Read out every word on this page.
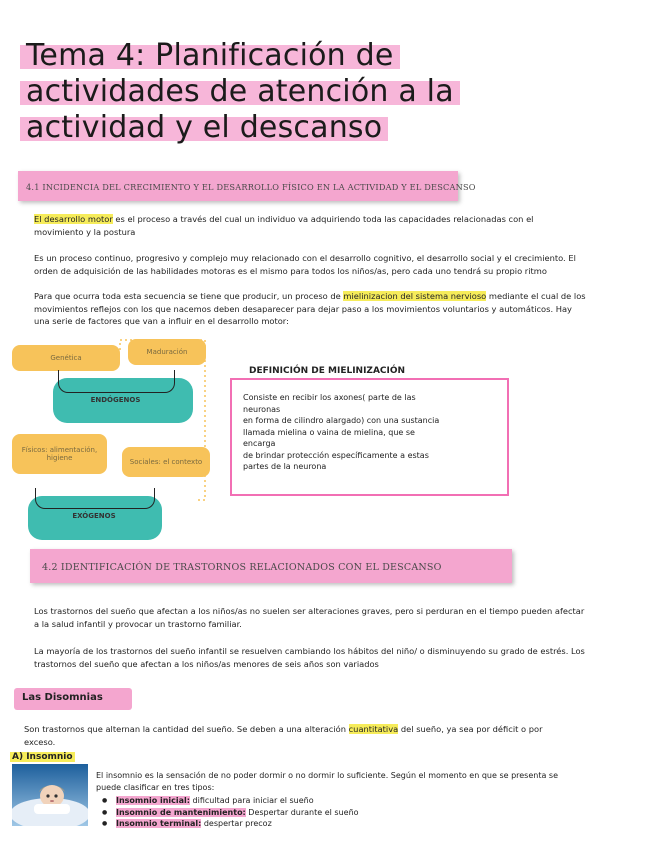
Tema 4: Planificación de
actividades de atención a la
actividad y el descanso
4.1 INCIDENCIA DEL CRECIMIENTO Y EL DESARROLLO FÍSICO EN LA ACTIVIDAD Y EL DESCANSO
El desarrollo motor es el proceso a través del cual un individuo va adquiriendo toda las capacidades relacionadas con el
movimiento y la postura
Es un proceso continuo, progresivo y complejo muy relacionado con el desarrollo cognitivo, el desarrollo social y el crecimiento. El
orden de adquisición de las habilidades motoras es el mismo para todos los niños/as, pero cada uno tendrá su propio ritmo
Para que ocurra toda esta secuencia se tiene que producir, un proceso de mielinizacion del sistema nervioso mediante el cual de los
movimientos reflejos con los que nacemos deben desaparecer para dejar paso a los movimientos voluntarios y automáticos. Hay
una serie de factores que van a influir en el desarrollo motor:
Genética
Maduración
ENDÓGENOS
Físicos: alimentación, higiene	Sociales: el contexto
EXÓGENOS
DEFINICIÓN DE MIELINIZACIÓN
Consiste en recibir los axones( parte de las
neuronas
en forma de cilindro alargado) con una sustancia
llamada mielina o vaina de mielina, que se
encarga
de brindar protección específicamente a estas
partes de la neurona
4.2 IDENTIFICACIÓN DE TRASTORNOS RELACIONADOS CON EL DESCANSO
Los trastornos del sueño que afectan a los niños/as no suelen ser alteraciones graves, pero si perduran en el tiempo pueden afectar
a la salud infantil y provocar un trastorno familiar.
La mayoría de los trastornos del sueño infantil se resuelven cambiando los hábitos del niño/ o disminuyendo su grado de estrés. Los
trastornos del sueño que afectan a los niños/as menores de seis años son variados
Las Disomnias
Son trastornos que alternan la cantidad del sueño. Se deben a una alteración cuantitativa del sueño, ya sea por déficit o por
exceso.
A) Insomnio
El insomnio es la sensación de no poder dormir o no dormir lo suficiente. Según el momento en que se presenta se
puede clasificar en tres tipos:
● Insomnio inicial: dificultad para iniciar el sueño
● Insomnio de mantenimiento: Despertar durante el sueño
● Insomnio terminal: despertar precoz
